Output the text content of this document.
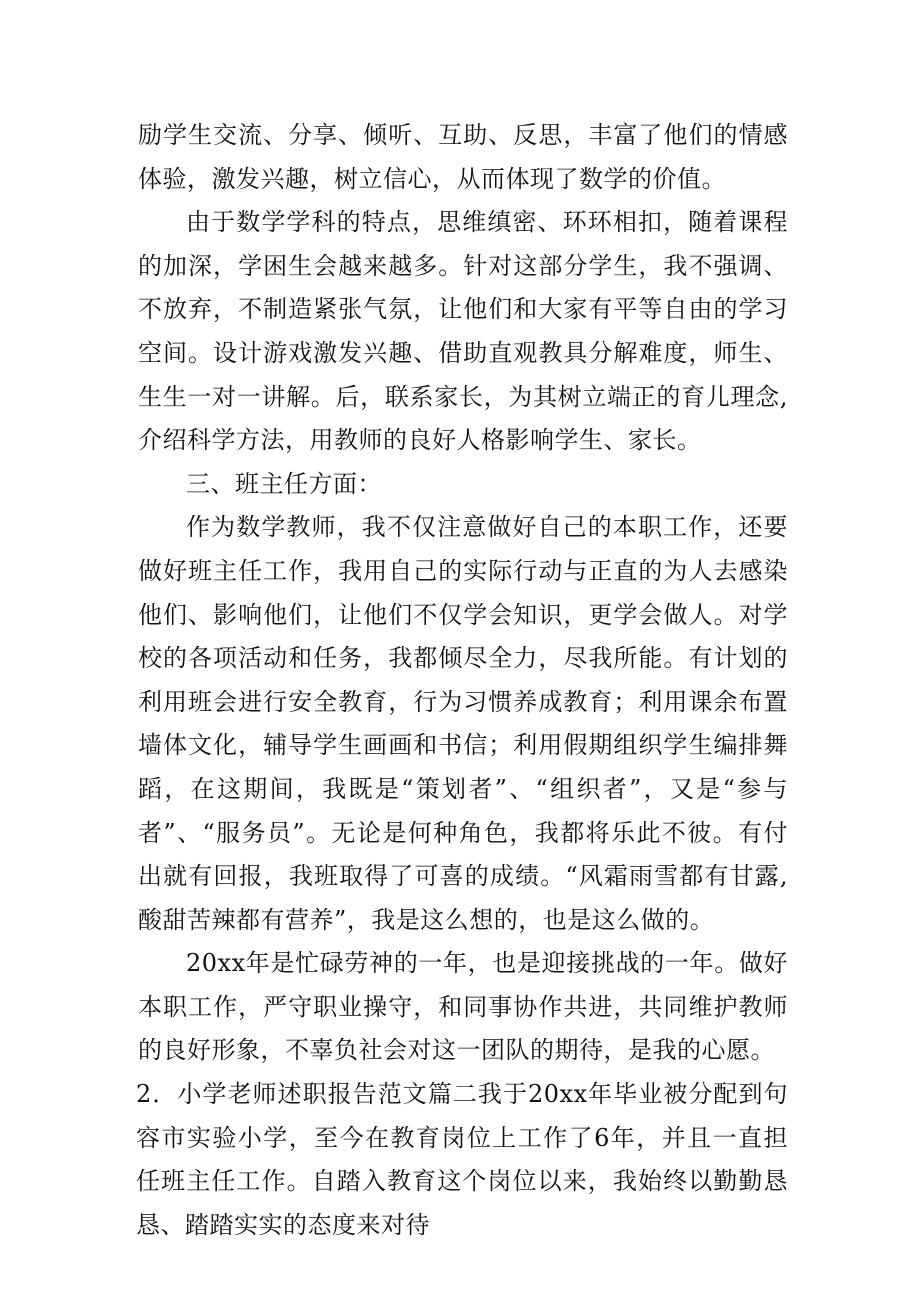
励学生交流、分享、倾听、互助、反思，丰富了他们的情感体验，激发兴趣，树立信心，从而体现了数学的价值。

由于数学学科的特点，思维缜密、环环相扣，随着课程的加深，学困生会越来越多。针对这部分学生，我不强调、不放弃，不制造紧张气氛，让他们和大家有平等自由的学习空间。设计游戏激发兴趣、借助直观教具分解难度，师生、生生一对一讲解。后，联系家长，为其树立端正的育儿理念,介绍科学方法，用教师的良好人格影响学生、家长。

三、班主任方面：

作为数学教师，我不仅注意做好自己的本职工作，还要做好班主任工作，我用自己的实际行动与正直的为人去感染他们、影响他们，让他们不仅学会知识，更学会做人。对学校的各项活动和任务，我都倾尽全力，尽我所能。有计划的利用班会进行安全教育，行为习惯养成教育；利用课余布置墙体文化，辅导学生画画和书信；利用假期组织学生编排舞蹈，在这期间，我既是“策划者”、“组织者”，又是“参与者”、“服务员”。无论是何种角色，我都将乐此不彼。有付出就有回报，我班取得了可喜的成绩。“风霜雨雪都有甘露,酸甜苦辣都有营养”，我是这么想的，也是这么做的。

20xx年是忙碌劳神的一年，也是迎接挑战的一年。做好本职工作，严守职业操守，和同事协作共进，共同维护教师的良好形象，不辜负社会对这一团队的期待，是我的心愿。

2．小学老师述职报告范文篇二我于20xx年毕业被分配到句容市实验小学，至今在教育岗位上工作了6年，并且一直担任班主任工作。自踏入教育这个岗位以来，我始终以勤勤恳恳、踏踏实实的态度来对待
